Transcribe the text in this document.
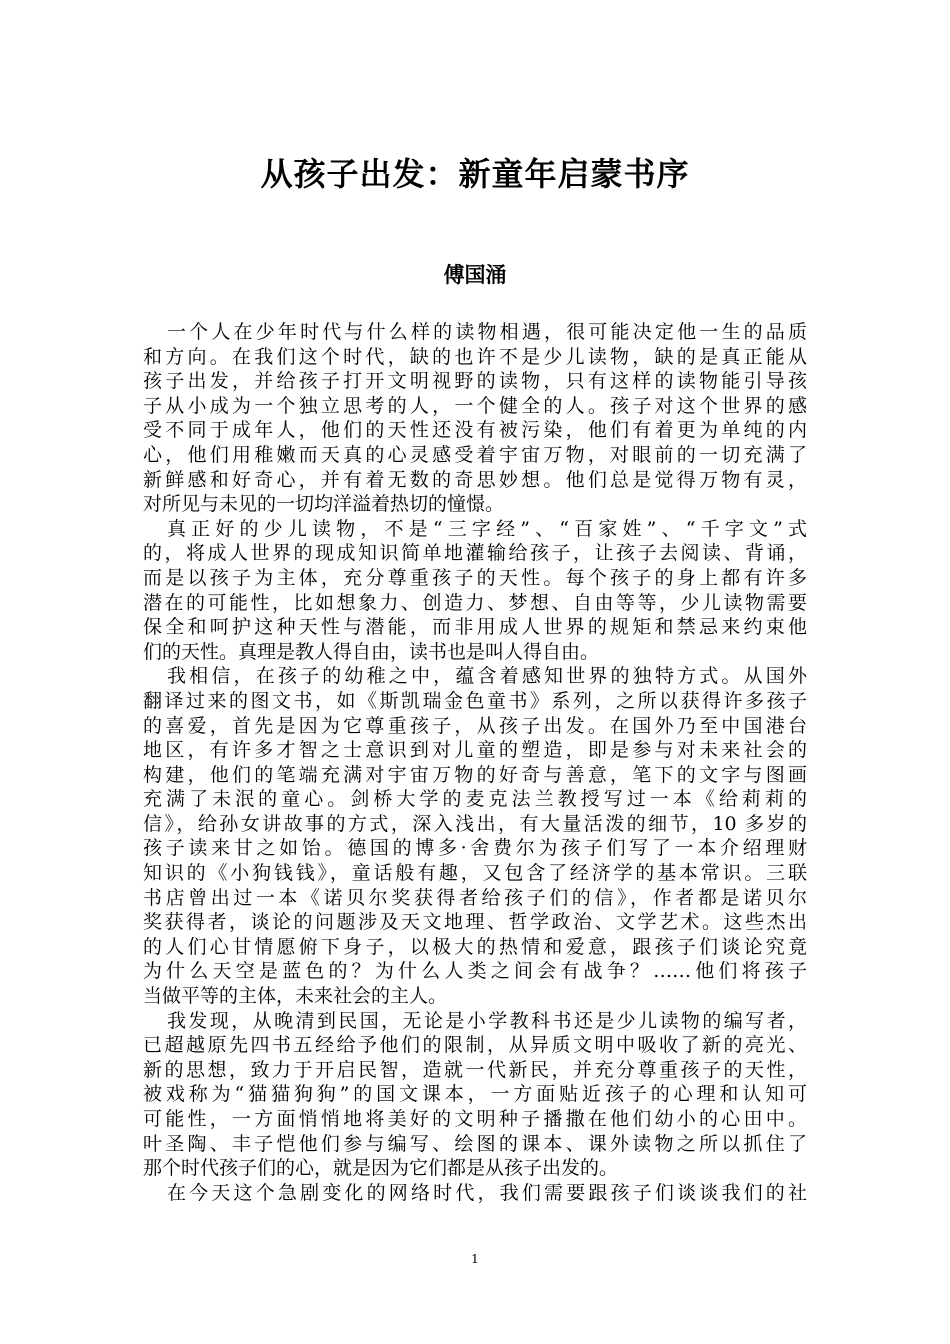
从孩子出发：新童年启蒙书序
傅国涌
一个人在少年时代与什么样的读物相遇，很可能决定他一生的品质
和方向。在我们这个时代，缺的也许不是少儿读物，缺的是真正能从
孩子出发，并给孩子打开文明视野的读物，只有这样的读物能引导孩
子从小成为一个独立思考的人，一个健全的人。孩子对这个世界的感
受不同于成年人，他们的天性还没有被污染，他们有着更为单纯的内
心，他们用稚嫩而天真的心灵感受着宇宙万物，对眼前的一切充满了
新鲜感和好奇心，并有着无数的奇思妙想。他们总是觉得万物有灵，
对所见与未见的一切均洋溢着热切的憧憬。
真正好的少儿读物，不是“三字经”、“百家姓”、“千字文”式
的，将成人世界的现成知识简单地灌输给孩子，让孩子去阅读、背诵，
而是以孩子为主体，充分尊重孩子的天性。每个孩子的身上都有许多
潜在的可能性，比如想象力、创造力、梦想、自由等等，少儿读物需要
保全和呵护这种天性与潜能，而非用成人世界的规矩和禁忌来约束他
们的天性。真理是教人得自由，读书也是叫人得自由。
我相信，在孩子的幼稚之中，蕴含着感知世界的独特方式。从国外
翻译过来的图文书，如《斯凯瑞金色童书》系列，之所以获得许多孩子
的喜爱，首先是因为它尊重孩子，从孩子出发。在国外乃至中国港台
地区，有许多才智之士意识到对儿童的塑造，即是参与对未来社会的
构建，他们的笔端充满对宇宙万物的好奇与善意，笔下的文字与图画
充满了未泯的童心。剑桥大学的麦克法兰教授写过一本《给莉莉的
信》，给孙女讲故事的方式，深入浅出，有大量活泼的细节，10 多岁的
孩子读来甘之如饴。德国的博多·舍费尔为孩子们写了一本介绍理财
知识的《小狗钱钱》，童话般有趣，又包含了经济学的基本常识。三联
书店曾出过一本《诺贝尔奖获得者给孩子们的信》，作者都是诺贝尔
奖获得者，谈论的问题涉及天文地理、哲学政治、文学艺术。这些杰出
的人们心甘情愿俯下身子，以极大的热情和爱意，跟孩子们谈论究竟
为什么天空是蓝色的？为什么人类之间会有战争？……他们将孩子
当做平等的主体，未来社会的主人。
我发现，从晚清到民国，无论是小学教科书还是少儿读物的编写者，
已超越原先四书五经给予他们的限制，从异质文明中吸收了新的亮光、
新的思想，致力于开启民智，造就一代新民，并充分尊重孩子的天性，
被戏称为“猫猫狗狗”的国文课本，一方面贴近孩子的心理和认知可
可能性，一方面悄悄地将美好的文明种子播撒在他们幼小的心田中。
叶圣陶、丰子恺他们参与编写、绘图的课本、课外读物之所以抓住了
那个时代孩子们的心，就是因为它们都是从孩子出发的。
在今天这个急剧变化的网络时代，我们需要跟孩子们谈谈我们的社
1
